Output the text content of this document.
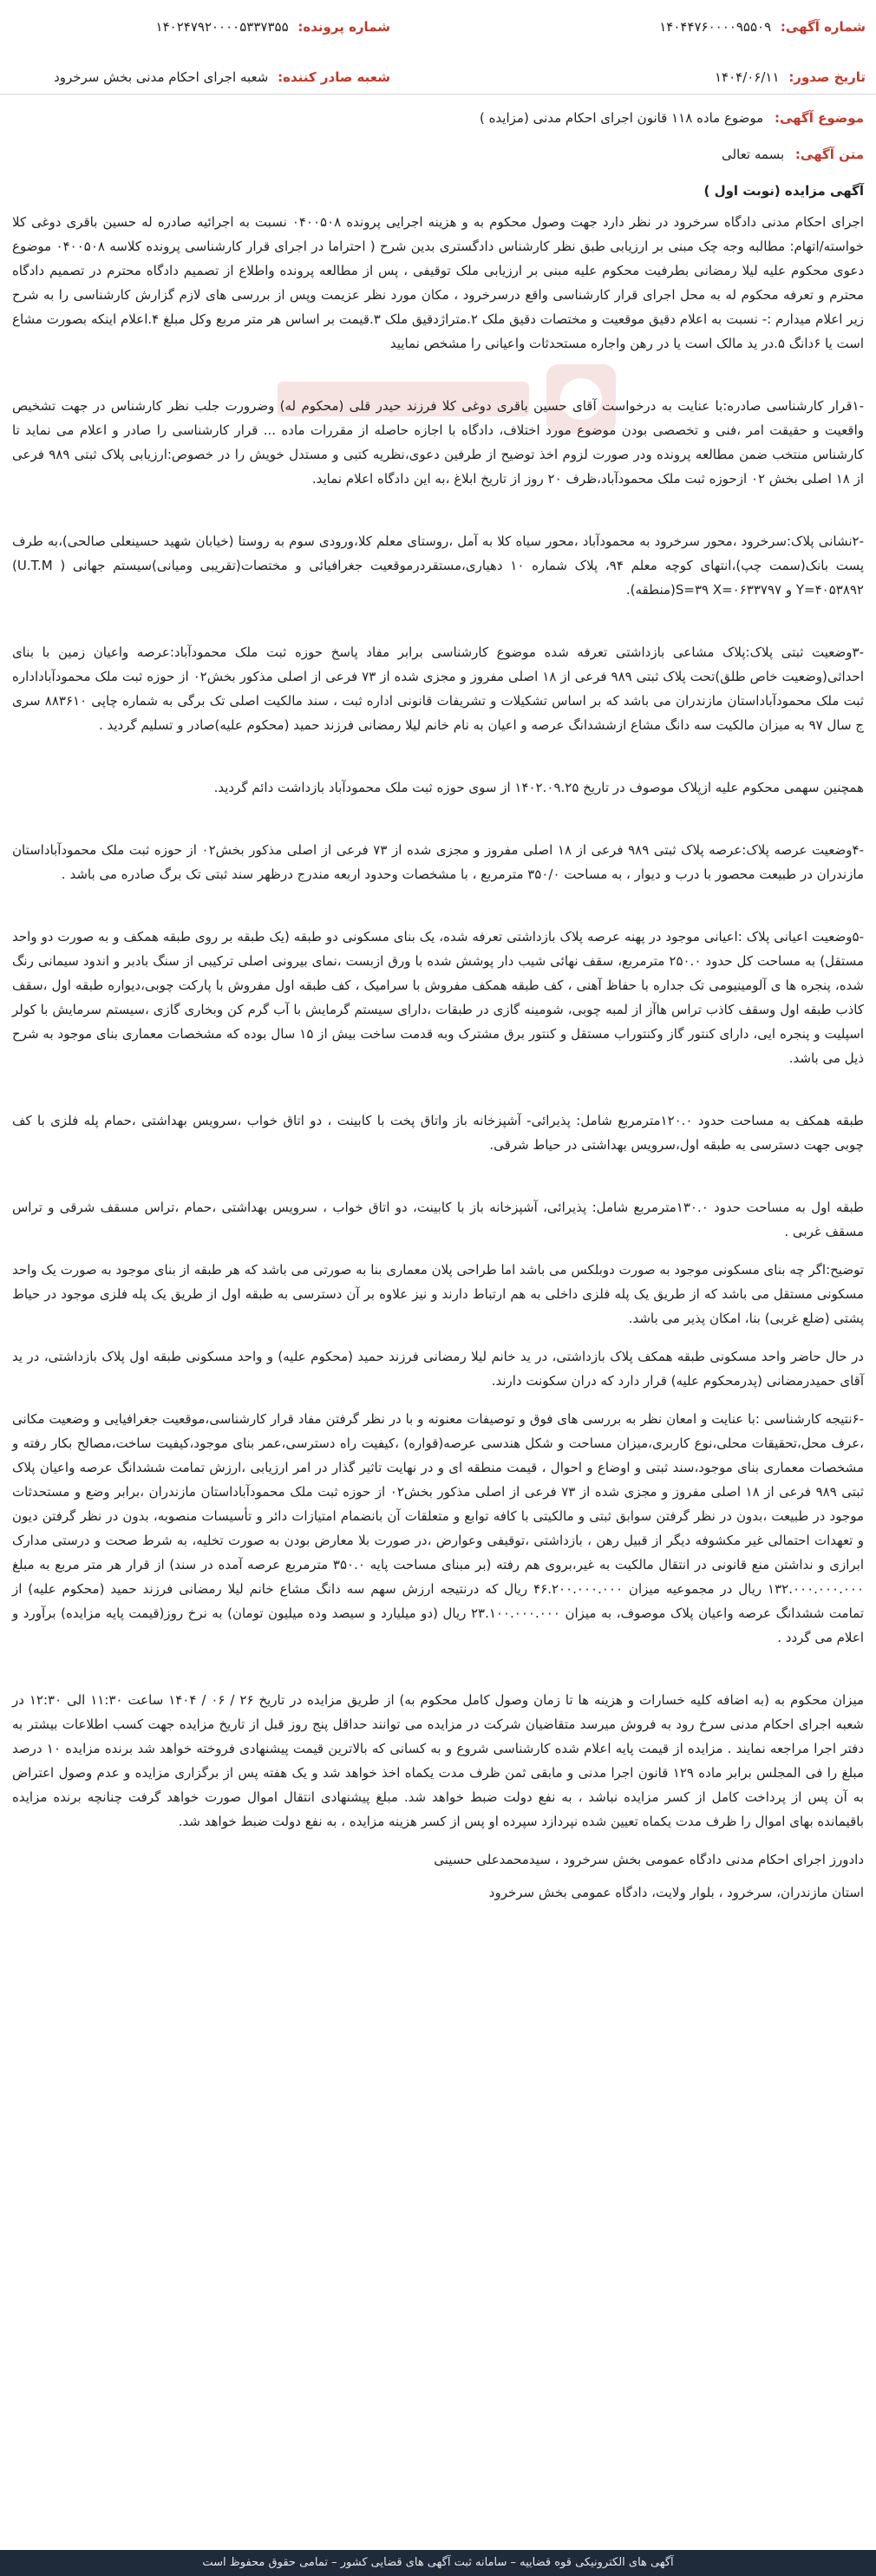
شماره آگهی: ۱۴۰۴۴۷۶۰۰۰۰۹۵۵۰۹
تاریخ صدور: ۱۴۰۴/۰۶/۱۱
شماره پرونده: ۱۴۰۲۴۷۹۲۰۰۰۰۵۳۳۷۳۵۵
شعبه صادر کننده: شعبه اجرای احکام مدنی بخش سرخرود
موضوع آگهی: موضوع ماده ۱۱۸ قانون اجرای احکام مدنی (مزایده )
متن آگهی: بسمه تعالی

آگهی مزایده (نوبت اول )

اجرای احکام مدنی دادگاه سرخرود در نظر دارد جهت وصول محکوم به و هزینه اجرایی پرونده ۰۴۰۰۵۰۸ نسبت به اجرائیه صادره له حسین باقری دوغی کلا خواسته/اتهام: مطالبه وجه چک مبنی بر ارزیابی طبق نظر کارشناس دادگستری بدین شرح ( احتراما در اجرای قرار کارشناسی پرونده کلاسه ۰۴۰۰۵۰۸ موضوع دعوی محکوم علیه لیلا رمضانی بطرفیت محکوم علیه مبنی بر ارزیابی ملک توقیفی ، پس از مطالعه پرونده واطلاع از تصمیم دادگاه محترم در تصمیم دادگاه محترم و تعرفه محکوم له به محل اجرای قرار کارشناسی واقع درسرخرود ، مکان مورد نظر عزیمت وپس از بررسی های لازم گزارش کارشناسی را به شرح زیر اعلام میدارم :- نسبت به اعلام دقیق موقعیت و مختصات دقیق ملک ۲.متراژدقیق ملک ۳.قیمت بر اساس هر متر مربع وکل مبلغ ۴.اعلام اینکه بصورت مشاع است یا ۶دانگ ۵.در ید مالک است یا در رهن واجاره مستحدثات واعیانی را مشخص نمایید

-۱قرار کارشناسی صادره:با عنایت به درخواست آقای حسین باقری دوغی کلا فرزند حیدر قلی (محکوم له) وضرورت جلب نظر کارشناس در جهت تشخیص واقعیت و حقیقت امر ،فنی و تخصصی بودن موضوع مورد اختلاف، دادگاه با اجازه حاصله از مقررات ماده ... قرار کارشناسی را صادر و اعلام می نماید تا کارشناس منتخب ضمن مطالعه پرونده ودر صورت لزوم اخذ توضیح از طرفین دعوی،نظریه کتبی و مستدل خویش را در خصوص:ارزیابی پلاک ثبتی ۹۸۹ فرعی از ۱۸ اصلی بخش ۰۲ ازحوزه ثبت ملک محمودآباد،ظرف ۲۰ روز از تاریخ ابلاغ ،به این دادگاه اعلام نماید.

-۲نشانی پلاک:سرخرود ،محور سرخرود به محمودآباد ،محور سیاه کلا به آمل ،روستای معلم کلا،ورودی سوم به روستا (خیابان شهید حسینعلی صالحی)،به طرف پست بانک(سمت چپ)،انتهای کوچه معلم ۹۴، پلاک شماره ۱۰ دهیاری،مستقردرموقعیت جغرافیائی و مختصات(تقریبی ومیانی)سیستم جهانی ( U.T.M) Y=۴۰۵۳۸۹۲ و S=۳۹ X=۰۶۳۳۷۹۷(منطقه).

-۳وضعیت ثبتی پلاک:پلاک مشاعی بازداشتی تعرفه شده موضوع کارشناسی برابر مفاد پاسخ حوزه ثبت ملک محمودآباد:عرصه واعیان زمین با بنای احداثی(وضعیت خاص طلق)تحت پلاک ثبتی ۹۸۹ فرعی از ۱۸ اصلی مفروز و مجزی شده از ۷۳ فرعی از اصلی مذکور بخش۰۲ از حوزه ثبت ملک محمودآباداداره ثبت ملک محمودآباداستان مازندران می باشد که بر اساس تشکیلات و تشریفات قانونی اداره ثبت ، سند مالکیت اصلی تک برگی به شماره چاپی ۸۸۳۶۱۰ سری ج سال ۹۷ به میزان مالکیت سه دانگ مشاع ازششدانگ عرصه و اعیان به نام خانم لیلا رمضانی فرزند حمید (محکوم علیه)صادر و تسلیم گردید .

همچنین سهمی محکوم علیه ازپلاک موصوف در تاریخ ۱۴۰۲.۰۹.۲۵ از سوی حوزه ثبت ملک محمودآباد بازداشت دائم گردید.

-۴وضعیت عرصه پلاک:عرصه پلاک ثبتی ۹۸۹ فرعی از ۱۸ اصلی مفروز و مجزی شده از ۷۳ فرعی از اصلی مذکور بخش۰۲ از حوزه ثبت ملک محمودآباداستان مازندران در طبیعت محصور با درب و دیوار ، به مساحت ۳۵۰/۰ مترمربع ، با مشخصات وحدود اربعه مندرج درظهر سند ثبتی تک برگ صادره می باشد .

-۵وضعیت اعیانی پلاک :اعیانی موجود در پهنه عرصه پلاک بازداشتی تعرفه شده، یک بنای مسکونی دو طبقه (یک طبقه بر روی طبقه همکف و به صورت دو واحد مستقل) به مساحت کل حدود ۲۵۰.۰ مترمربع، سقف نهائی شیب دار پوشش شده با ورق ازبست ،نمای بیرونی اصلی ترکیبی از سنگ بادبر و اندود سیمانی رنگ شده، پنجره ها ی آلومینیومی تک جداره با حفاظ آهنی ، کف طبقه همکف مفروش با سرامیک ، کف طبقه اول مفروش با پارکت چوبی،دیواره طبقه اول ،سقف کاذب طبقه اول وسقف کاذب تراس هاآز از لمبه چوبی، شومینه گازی در طبقات ،دارای سیستم گرمایش با آب گرم کن وبخاری گازی ،سیستم سرمایش با کولر اسپلیت و پنجره ایی، دارای کنتور گاز وکنتوراب مستقل و کنتور برق مشترک وبه قدمت ساخت بیش از ۱۵ سال بوده که مشخصات معماری بنای موجود به شرح ذیل می باشد.

طبقه همکف به مساحت حدود ۱۲۰.۰مترمربع شامل: پذیرائی- آشپزخانه باز واتاق پخت با کابینت ، دو اتاق خواب ،سرویس بهداشتی ،حمام پله فلزی با کف چوبی جهت دسترسی به طبقه اول،سرویس بهداشتی در حیاط شرقی.

طبقه اول به مساحت حدود ۱۳۰.۰مترمربع شامل: پذیرائی، آشپزخانه باز با کابینت، دو اتاق خواب ، سرویس بهداشتی ،حمام ،تراس مسقف شرقی و تراس مسقف غربی .

توضیح:اگر چه بنای مسکونی موجود به صورت دوبلکس می باشد اما طراحی پلان معماری بنا به صورتی می باشد که هر طبقه از بنای موجود به صورت یک واحد مسکونی مستقل می باشد که از طریق یک پله فلزی داخلی به هم ارتباط دارند و نیز علاوه بر آن دسترسی به طبقه اول از طریق یک پله فلزی موجود در حیاط پشتی (ضلع غربی) بنا، امکان پذیر می باشد.

در حال حاضر واحد مسکونی طبقه همکف پلاک بازداشتی، در ید خانم لیلا رمضانی فرزند حمید (محکوم علیه) و واحد مسکونی طبقه اول پلاک بازداشتی، در ید آقای حمیدرمضانی (پدرمحکوم علیه) قرار دارد که دران سکونت دارند.

-۶نتیجه کارشناسی :با عنایت و امعان نظر به بررسی های فوق و توصیفات معنونه و با در نظر گرفتن مفاد قرار کارشناسی،موقعیت جغرافیایی و وضعیت مکانی ،عرف محل،تحقیقات محلی،نوع کاربری،میزان مساحت و شکل هندسی عرصه(قواره) ،کیفیت راه دسترسی،عمر بنای موجود،کیفیت ساخت،مصالح بکار رفته و مشخصات معماری بنای موجود،سند ثبتی و اوضاع و احوال ، قیمت منطقه ای و در نهایت تاثیر گذار در امر ارزیابی ،ارزش تمامت ششدانگ عرصه واعیان پلاک ثبتی ۹۸۹ فرعی از ۱۸ اصلی مفروز و مجزی شده از ۷۳ فرعی از اصلی مذکور بخش۰۲ از حوزه ثبت ملک محمودآباداستان مازندران ،برابر وضع و مستحدثات موجود در طبیعت ،بدون در نظر گرفتن سوابق ثبتی و مالکیتی با کافه توابع و متعلقات آن بانضمام امتیازات دائر و تأسیسات منصوبه، بدون در نظر گرفتن دیون و تعهدات احتمالی غیر مکشوفه دیگر از قبیل رهن ، بازداشتی ،توقیفی وعوارض ،در صورت بلا معارض بودن به صورت تخلیه، به شرط صحت و درستی مدارک ابرازی و نداشتن منع قانونی در انتقال مالکیت به غیر،بروی هم رفته (بر مبنای مساحت پایه ۳۵۰.۰ مترمربع عرصه آمده در سند) از قرار هر متر مربع به مبلغ ۱۳۲.۰۰۰.۰۰۰.۰۰۰ ریال در مجموعیه میزان ۴۶.۲۰۰.۰۰۰.۰۰۰ ریال که درنتیجه ارزش سهم سه دانگ مشاع خانم لیلا رمضانی فرزند حمید (محکوم علیه) از تمامت ششدانگ عرصه واعیان پلاک موصوف، به میزان ۲۳.۱۰۰.۰۰۰.۰۰۰ ریال (دو میلیارد و سیصد وده میلیون تومان) به نرخ روز(قیمت پایه مزایده) برآورد و اعلام می گردد .

میزان محکوم به (به اضافه کلیه خسارات و هزینه ها تا زمان وصول کامل محکوم به) از طریق مزایده در تاریخ ۲۶ / ۰۶ / ۱۴۰۴ ساعت ۱۱:۳۰ الی ۱۲:۳۰ در شعبه اجرای احکام مدنی سرخ رود به فروش میرسد متقاضیان شرکت در مزایده می توانند حداقل پنج روز قبل از تاریخ مزایده جهت کسب اطلاعات بیشتر به دفتر اجرا مراجعه نمایند . مزایده از قیمت پایه اعلام شده کارشناسی شروع و به کسانی که بالاترین قیمت پیشنهادی فروخته خواهد شد برنده مزایده ۱۰ درصد مبلغ را فی المجلس برابر ماده ۱۲۹ قانون اجرا مدنی و مابقی ثمن ظرف مدت یکماه اخذ خواهد شد و یک هفته پس از برگزاری مزایده و عدم وصول اعتراض به آن پس از پرداخت کامل از کسر مزایده نباشد ، به نفع دولت ضبط خواهد شد. مبلغ پیشنهادی انتقال اموال صورت خواهد گرفت چنانچه برنده مزایده باقیمانده بهای اموال را ظرف مدت یکماه تعیین شده نپردازد سپرده او پس از کسر هزینه مزایده ، به نفع دولت ضبط خواهد شد.

دادورز اجرای احکام مدنی دادگاه عمومی بخش سرخرود ، سیدمحمدعلی حسینی

استان مازندران، سرخرود ، بلوار ولایت، دادگاه عمومی بخش سرخرود

آگهی های الکترونیکی قوه قضاییه – سامانه ثبت آگهی های قضایی کشور – تمامی حقوق محفوظ است
